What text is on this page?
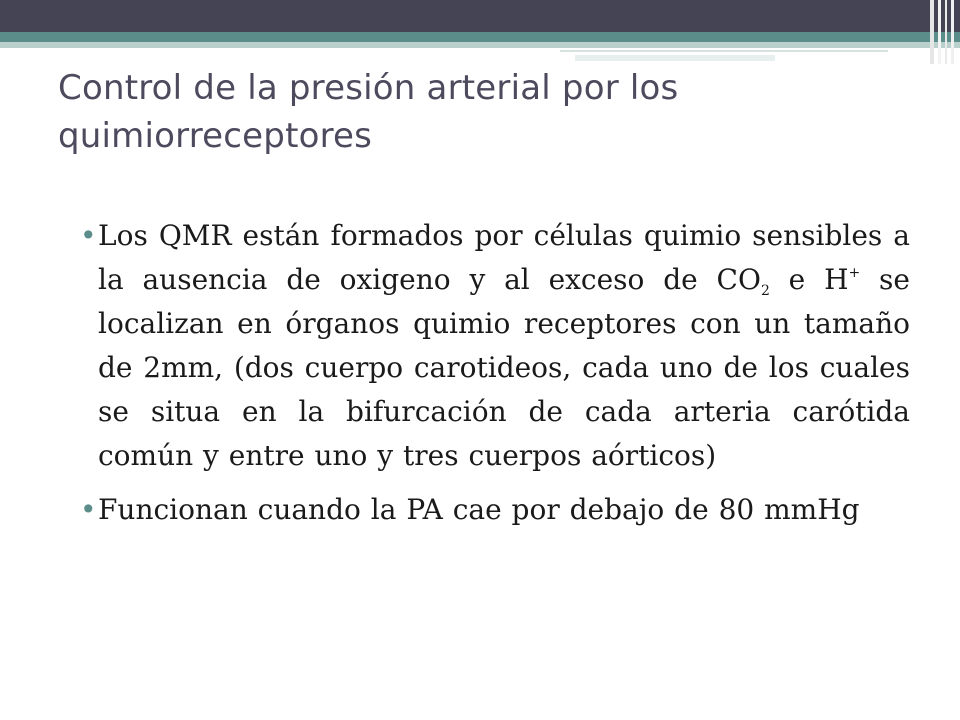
Control de la presión arterial por los quimiorreceptores
• Los QMR están formados por células quimio sensibles a la ausencia de oxigeno y al exceso de $CO_2$ e H+ se localizan en órganos quimio receptores con un tamaño de 2mm, (dos cuerpo carotideos, cada uno de los cuales se situa en la bifurcación de cada arteria carótida común y entre uno y tres cuerpos aórticos)
• Funcionan cuando la PA cae por debajo de 80 mmHg
